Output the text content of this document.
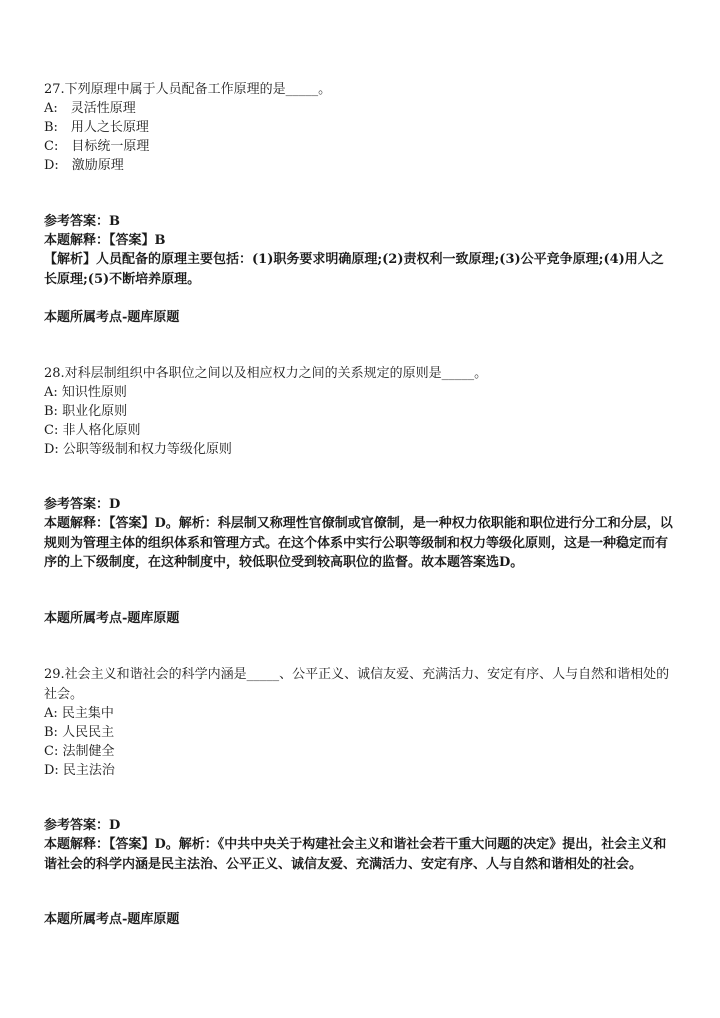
27.下列原理中属于人员配备工作原理的是_____。
A:　灵活性原理
B:　用人之长原理
C:　目标统一原理
D:　激励原理
参考答案：B
本题解释：【答案】B
【解析】人员配备的原理主要包括：(1)职务要求明确原理;(2)责权利一致原理;(3)公平竞争原理;(4)用人之长原理;(5)不断培养原理。
本题所属考点-题库原题
28.对科层制组织中各职位之间以及相应权力之间的关系规定的原则是_____。
A: 知识性原则
B: 职业化原则
C: 非人格化原则
D: 公职等级制和权力等级化原则
参考答案：D
本题解释：【答案】D。解析：科层制又称理性官僚制或官僚制，是一种权力依职能和职位进行分工和分层，以规则为管理主体的组织体系和管理方式。在这个体系中实行公职等级制和权力等级化原则，这是一种稳定而有序的上下级制度，在这种制度中，较低职位受到较高职位的监督。故本题答案选D。
本题所属考点-题库原题
29.社会主义和谐社会的科学内涵是_____、公平正义、诚信友爱、充满活力、安定有序、人与自然和谐相处的社会。
A: 民主集中
B: 人民民主
C: 法制健全
D: 民主法治
参考答案：D
本题解释：【答案】D。解析：《中共中央关于构建社会主义和谐社会若干重大问题的决定》提出，社会主义和谐社会的科学内涵是民主法治、公平正义、诚信友爱、充满活力、安定有序、人与自然和谐相处的社会。
本题所属考点-题库原题
